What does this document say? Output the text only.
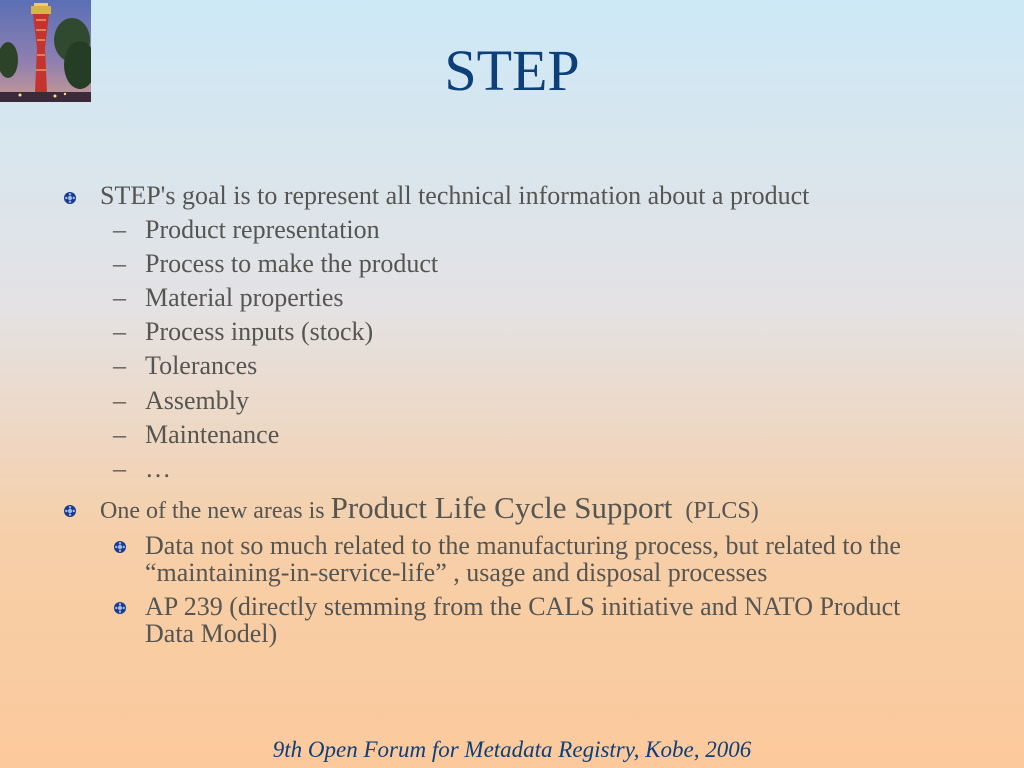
STEP
STEP's goal is to represent all technical information about a product
– Product representation
– Process to make the product
– Material properties
– Process inputs (stock)
– Tolerances
– Assembly
– Maintenance
– …
One of the new areas is Product Life Cycle Support (PLCS)
Data not so much related to the manufacturing process, but related to the “maintaining-in-service-life” , usage and disposal processes
AP 239 (directly stemming from the CALS initiative and NATO Product Data Model)
9th Open Forum for Metadata Registry, Kobe, 2006
